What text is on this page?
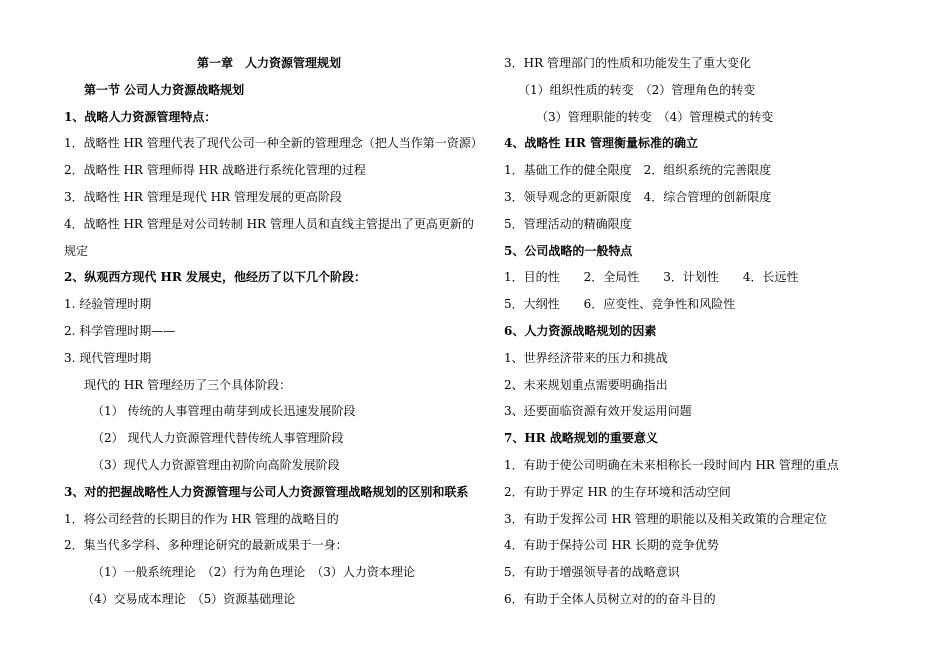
第一章　人力资源管理规划
第一节 公司人力资源战略规划
1、战略人力资源管理特点：
1．战略性 HR 管理代表了现代公司一种全新的管理理念（把人当作第一资源）
2．战略性 HR 管理师得 HR 战略进行系统化管理的过程
3．战略性 HR 管理是现代 HR 管理发展的更高阶段
4．战略性 HR 管理是对公司转制 HR 管理人员和直线主管提出了更高更新的规定
2、纵观西方现代 HR 发展史，他经历了以下几个阶段：
1. 经验管理时期
2. 科学管理时期——
3. 现代管理时期
现代的 HR 管理经历了三个具体阶段：
（1） 传统的人事管理由萌芽到成长迅速发展阶段
（2） 现代人力资源管理代替传统人事管理阶段
（3）现代人力资源管理由初阶向高阶发展阶段
3、对的把握战略性人力资源管理与公司人力资源管理战略规划的区别和联系
1．将公司经营的长期目的作为 HR 管理的战略目的
2．集当代多学科、多种理论研究的最新成果于一身：
（1）一般系统理论　（2）行为角色理论　（3）人力资本理论
（4）交易成本理论　（5）资源基础理论
3．HR 管理部门的性质和功能发生了重大变化
（1）组织性质的转变　（2）管理角色的转变
（3）管理职能的转变　（4）管理模式的转变
4、战略性 HR 管理衡量标准的确立
1．基础工作的健全限度　2．组织系统的完善限度
3．领导观念的更新限度　4．综合管理的创新限度
5．管理活动的精确限度
5、公司战略的一般特点
1．目的性　　2．全局性　　3．计划性　　4．长远性
5．大纲性　　6．应变性、竞争性和风险性
6、人力资源战略规划的因素
1、世界经济带来的压力和挑战
2、未来规划重点需要明确指出
3、还要面临资源有效开发运用问题
7、HR 战略规划的重要意义
1．有助于使公司明确在未来相称长一段时间内 HR 管理的重点
2．有助于界定 HR 的生存环境和活动空间
3．有助于发挥公司 HR 管理的职能以及相关政策的合理定位
4．有助于保持公司 HR 长期的竞争优势
5．有助于增强领导者的战略意识
6．有助于全体人员树立对的的奋斗目的
